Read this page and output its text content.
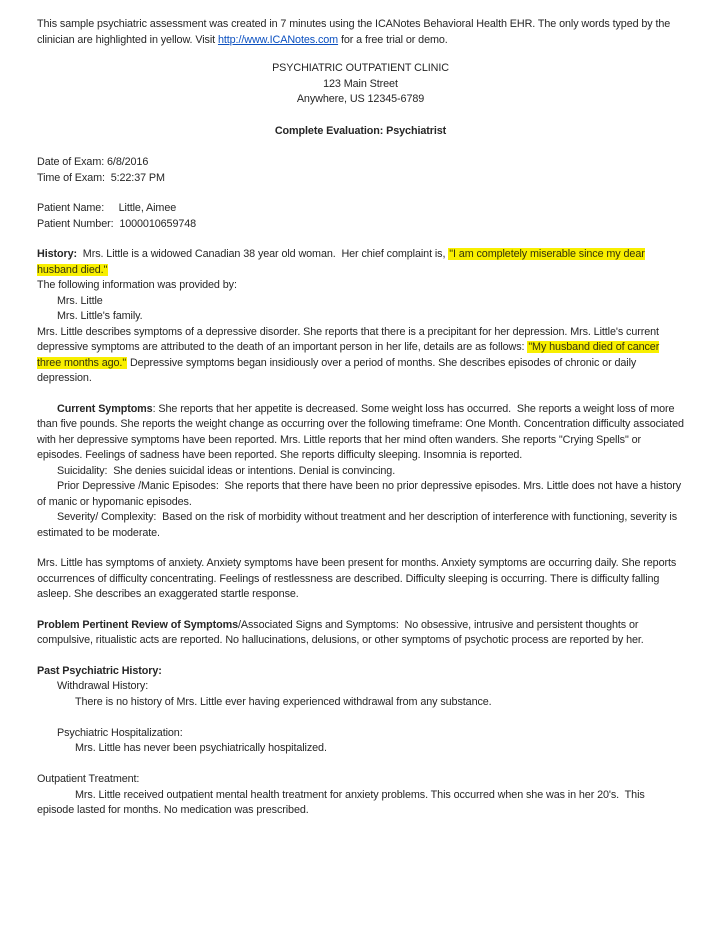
This sample psychiatric assessment was created in 7 minutes using the ICANotes Behavioral Health EHR. The only words typed by the clinician are highlighted in yellow. Visit http://www.ICANotes.com for a free trial or demo.

PSYCHIATRIC OUTPATIENT CLINIC
123 Main Street
Anywhere, US 12345-6789
Complete Evaluation: Psychiatrist
Date of Exam: 6/8/2016
Time of Exam:  5:22:37 PM
Patient Name:     Little, Aimee
Patient Number:  1000010659748

History:  Mrs. Little is a widowed Canadian 38 year old woman.  Her chief complaint is, "I am completely miserable since my dear husband died."

The following information was provided by:
Mrs. Little
Mrs. Little's family.

Mrs. Little describes symptoms of a depressive disorder. She reports that there is a precipitant for her depression. Mrs. Little's current depressive symptoms are attributed to the death of an important person in her life, details are as follows: "My husband died of cancer three months ago." Depressive symptoms began insidiously over a period of months. She describes episodes of chronic or daily depression.

Current Symptoms: She reports that her appetite is decreased. Some weight loss has occurred.  She reports a weight loss of more than five pounds. She reports the weight change as occurring over the following timeframe: One Month. Concentration difficulty associated with her depressive symptoms have been reported. Mrs. Little reports that her mind often wanders. She reports "Crying Spells" or episodes. Feelings of sadness have been reported. She reports difficulty sleeping. Insomnia is reported.

Suicidality:  She denies suicidal ideas or intentions. Denial is convincing.

Prior Depressive /Manic Episodes:  She reports that there have been no prior depressive episodes. Mrs. Little does not have a history of manic or hypomanic episodes.

Severity/ Complexity:  Based on the risk of morbidity without treatment and her description of interference with functioning, severity is estimated to be moderate.

Mrs. Little has symptoms of anxiety. Anxiety symptoms have been present for months. Anxiety symptoms are occurring daily. She reports occurrences of difficulty concentrating. Feelings of restlessness are described. Difficulty sleeping is occurring. There is difficulty falling asleep. She describes an exaggerated startle response.

Problem Pertinent Review of Symptoms/Associated Signs and Symptoms:  No obsessive, intrusive and persistent thoughts or compulsive, ritualistic acts are reported. No hallucinations, delusions, or other symptoms of psychotic process are reported by her.

Past Psychiatric History:
Withdrawal History:
There is no history of Mrs. Little ever having experienced withdrawal from any substance.
Psychiatric Hospitalization:
Mrs. Little has never been psychiatrically hospitalized.
Outpatient Treatment:

Mrs. Little received outpatient mental health treatment for anxiety problems. This occurred when she was in her 20's.  This episode lasted for months. No medication was prescribed.
